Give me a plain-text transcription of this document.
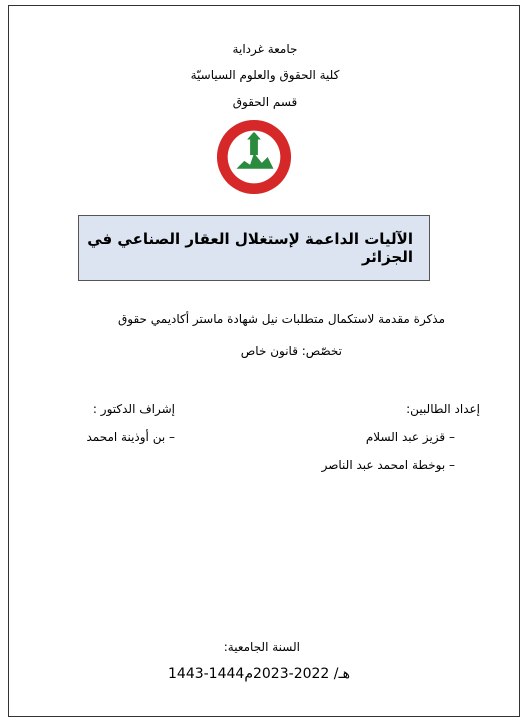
جامعة غرداية
كلية الحقوق والعلوم السياسيّة
قسم الحقوق
الآليات الداعمة لإستغلال العقار الصناعي في الجزائر
مذكرة مقدمة لاستكمال متطلبات نيل شهادة ماستر أكاديمي حقوق
تخصّص: قانون خاص
إعداد الطالبين:
– قزيز عبد السلام
– بوخطة امحمد عبد الناصر
إشراف الدكتور :
– بن أوذينة امحمد
السنة الجامعية:
1443-1444هـ/ 2022-2023م
